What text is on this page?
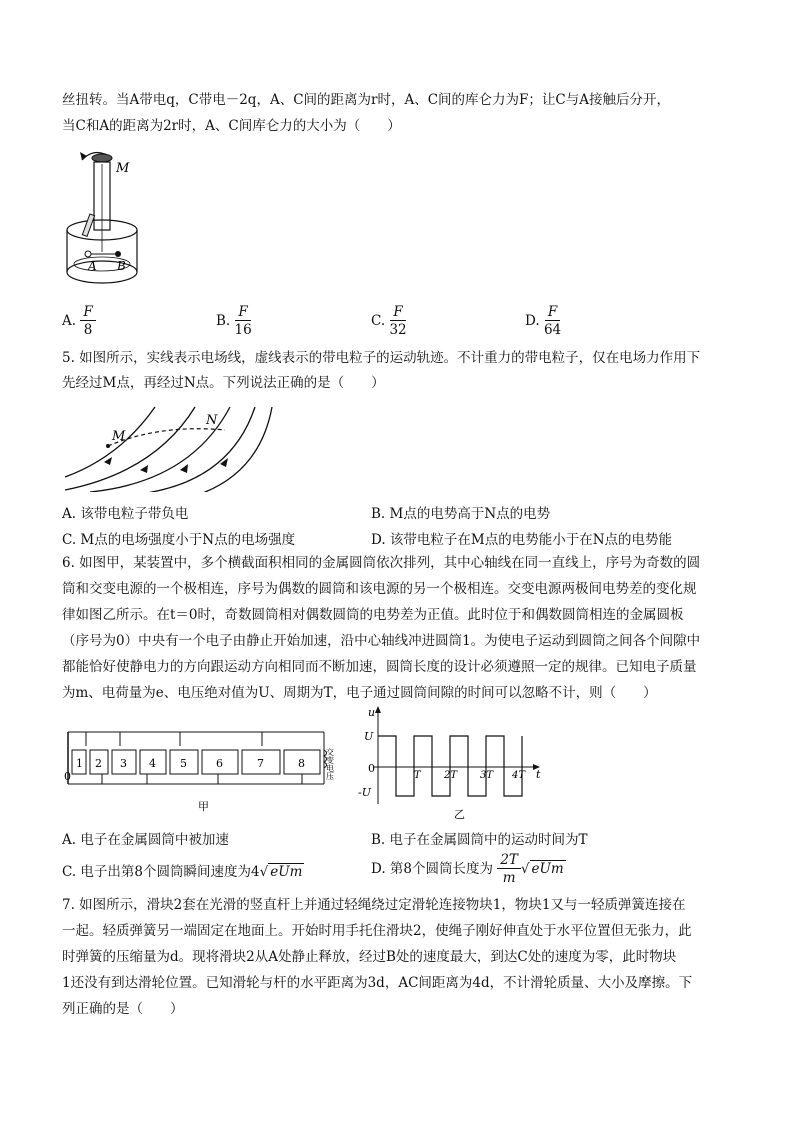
丝扭转。当A带电q，C带电－2q，A、C间的距离为r时，A、C间的库仑力为F；让C与A接触后分开，
当C和A的距离为2r时，A、C间库仑力的大小为（　　）
M
A B
A. $\frac{F}{8}$	B. $\frac{F}{16}$	C. $\frac{F}{32}$	D. $\frac{F}{64}$
5. 如图所示，实线表示电场线，虚线表示的带电粒子的运动轨迹。不计重力的带电粒子，仅在电场力作用下
先经过M点，再经过N点。下列说法正确的是（　　）
M
N
A. 该带电粒子带负电	B. M点的电势高于N点的电势
C. M点的电场强度小于N点的电场强度	D. 该带电粒子在M点的电势能小于在N点的电势能
6. 如图甲，某装置中，多个横截面积相同的金属圆筒依次排列，其中心轴线在同一直线上，序号为奇数的圆
筒和交变电源的一个极相连，序号为偶数的圆筒和该电源的另一个极相连。交变电源两极间电势差的变化规
律如图乙所示。在t＝0时，奇数圆筒相对偶数圆筒的电势差为正值。此时位于和偶数圆筒相连的金属圆板
（序号为0）中央有一个电子由静止开始加速，沿中心轴线冲进圆筒1。为使电子运动到圆筒之间各个间隙中
都能恰好使静电力的方向跟运动方向相同而不断加速，圆筒长度的设计必须遵照一定的规律。已知电子质量
为m、电荷量为e、电压绝对值为U、周期为T，电子通过圆筒间隙的时间可以忽略不计，则（　　）
1 2 3 4 5	6	7	8
0	交变电压
甲
u
t
U
-U
0
T 2T 3T 4T
乙
A. 电子在金属圆筒中被加速	B. 电子在金属圆筒中的运动时间为T
C. 电子出第8个圆筒瞬间速度为4√ eUm	D. 第8个圆筒长度为 $\frac{2T}{m}$ √ eUm
7. 如图所示，滑块2套在光滑的竖直杆上并通过轻绳绕过定滑轮连接物块1，物块1又与一轻质弹簧连接在
一起。轻质弹簧另一端固定在地面上。开始时用手托住滑块2，使绳子刚好伸直处于水平位置但无张力，此
时弹簧的压缩量为d。现将滑块2从A处静止释放，经过B处的速度最大，到达C处的速度为零，此时物块
1还没有到达滑轮位置。已知滑轮与杆的水平距离为3d，AC间距离为4d，不计滑轮质量、大小及摩擦。下
列正确的是（　　）
